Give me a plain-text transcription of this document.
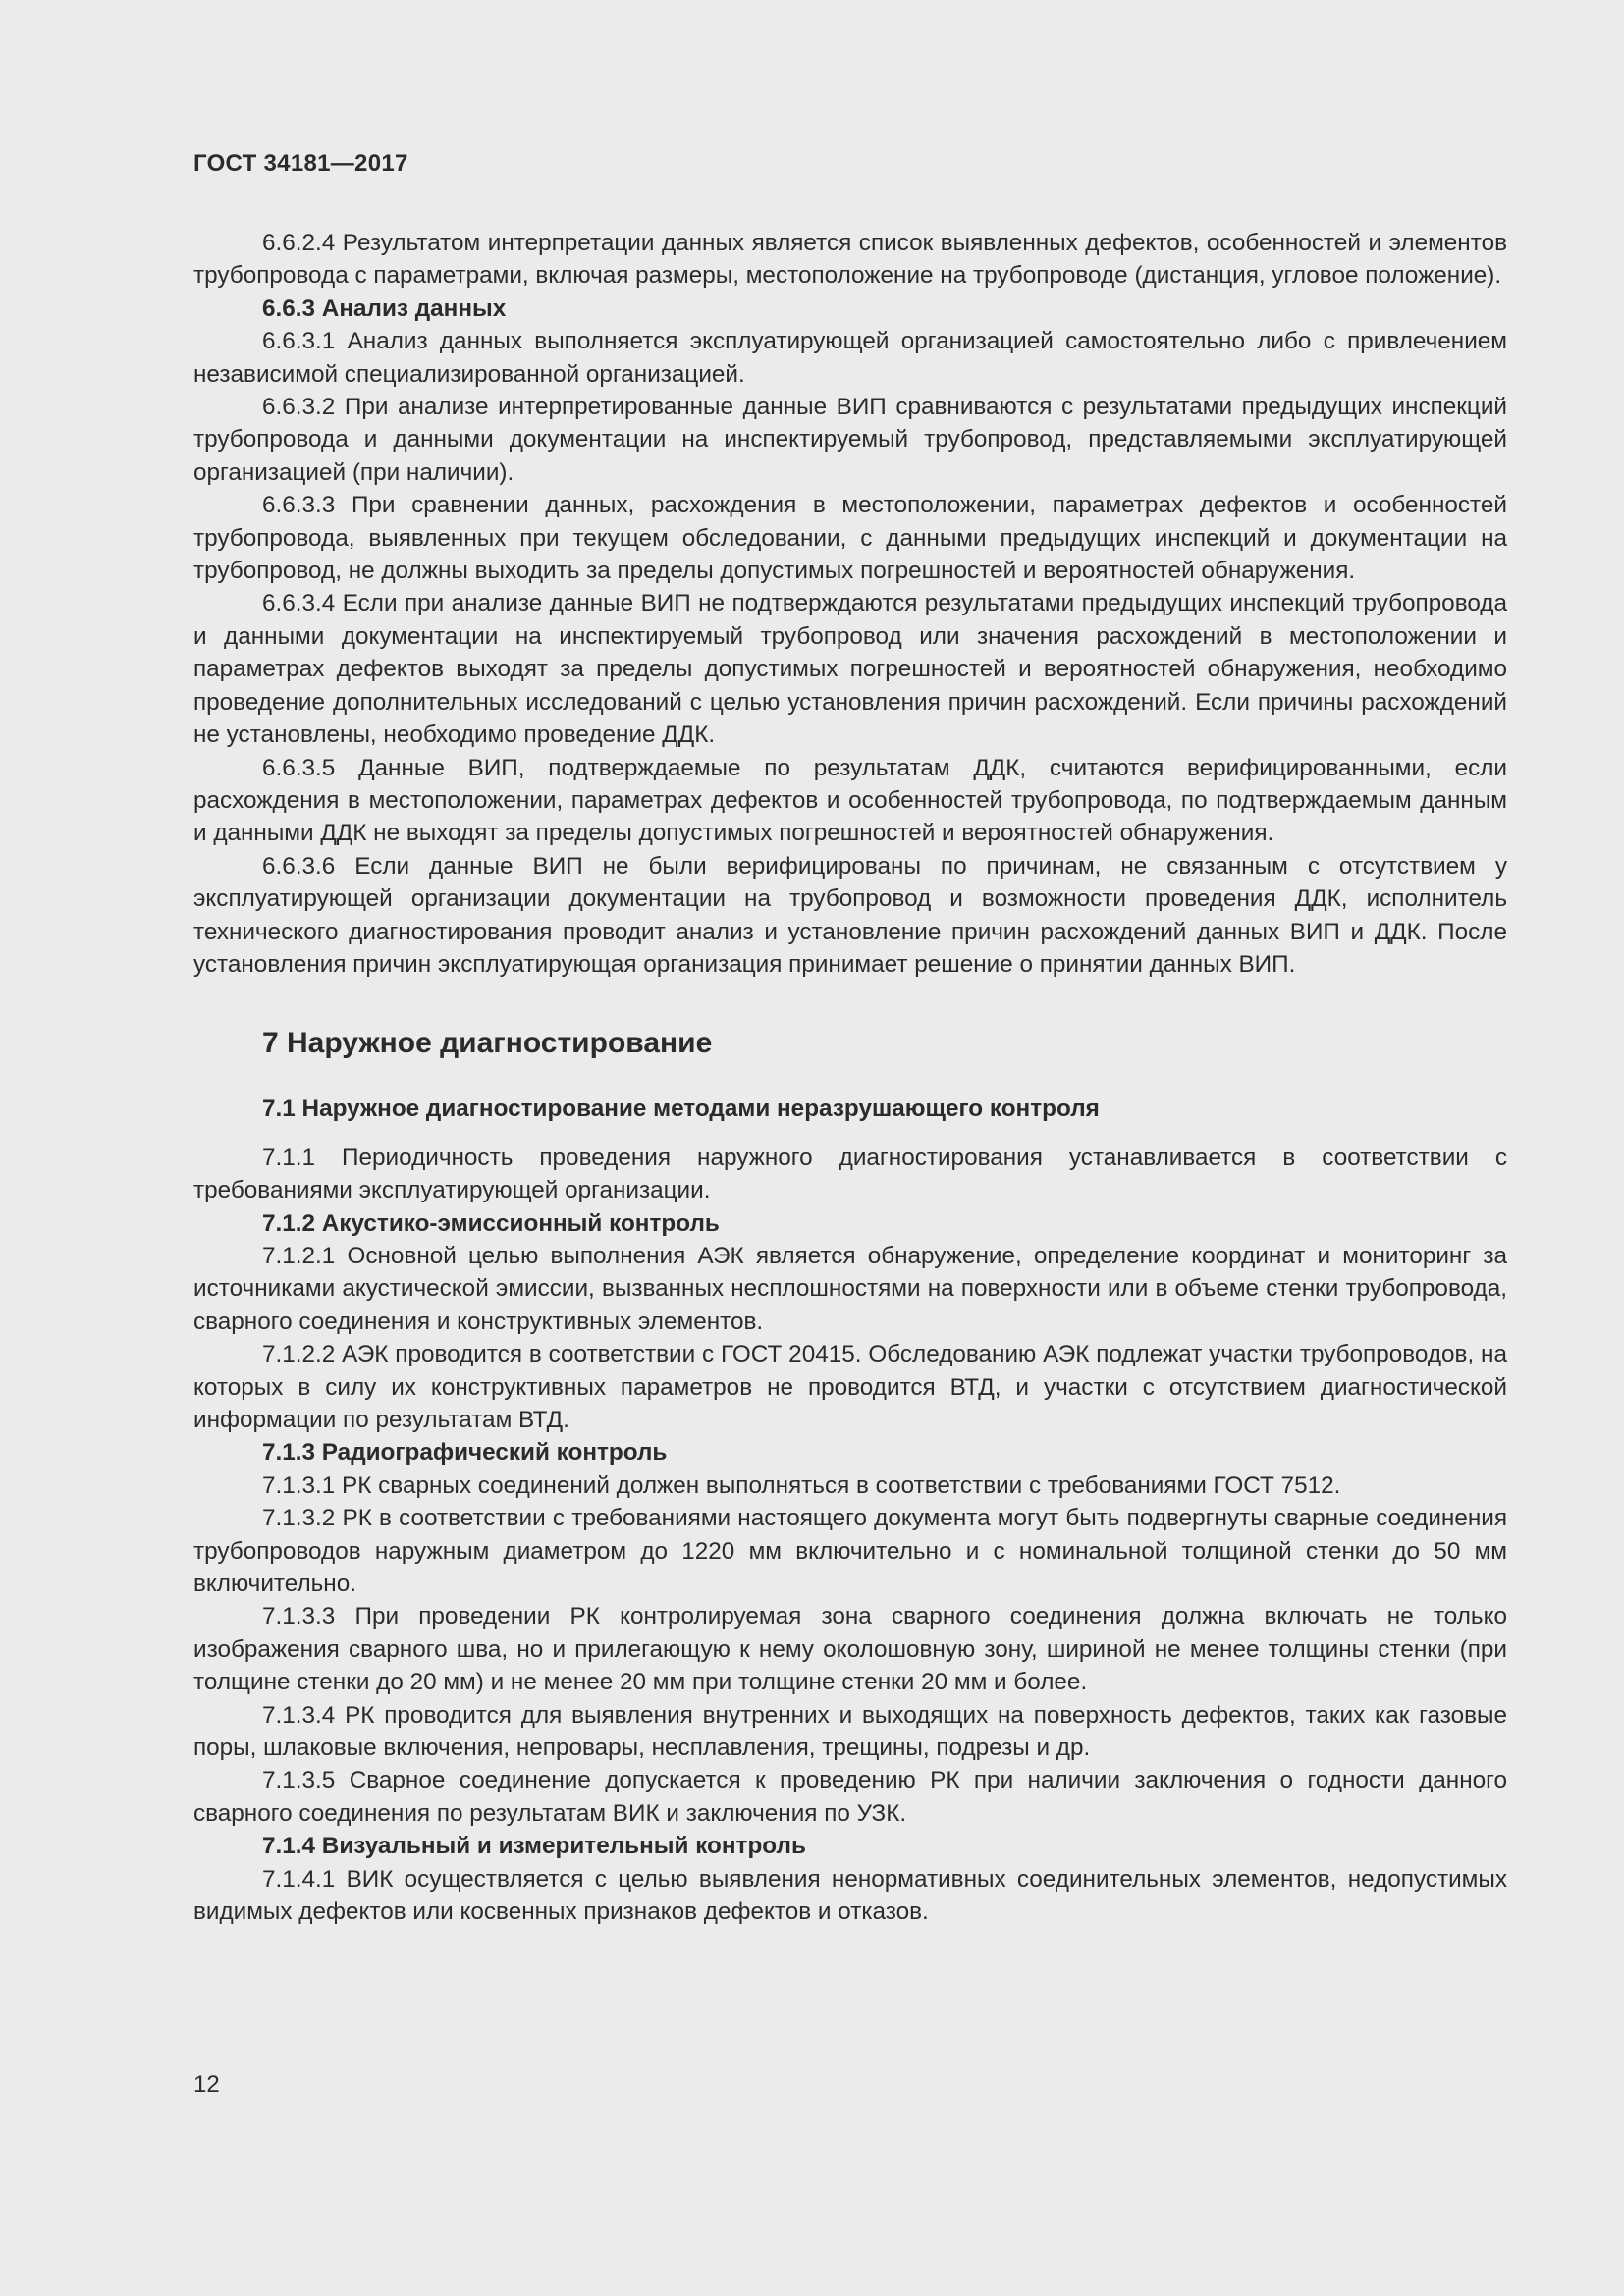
ГОСТ 34181—2017

6.6.2.4 Результатом интерпретации данных является список выявленных дефектов, особенностей и элементов трубопровода с параметрами, включая размеры, местоположение на трубопроводе (дистанция, угловое положение).

6.6.3 Анализ данных

6.6.3.1 Анализ данных выполняется эксплуатирующей организацией самостоятельно либо с привлечением независимой специализированной организацией.

6.6.3.2 При анализе интерпретированные данные ВИП сравниваются с результатами предыдущих инспекций трубопровода и данными документации на инспектируемый трубопровод, представляемыми эксплуатирующей организацией (при наличии).

6.6.3.3 При сравнении данных, расхождения в местоположении, параметрах дефектов и особенностей трубопровода, выявленных при текущем обследовании, с данными предыдущих инспекций и документации на трубопровод, не должны выходить за пределы допустимых погрешностей и вероятностей обнаружения.

6.6.3.4 Если при анализе данные ВИП не подтверждаются результатами предыдущих инспекций трубопровода и данными документации на инспектируемый трубопровод или значения расхождений в местоположении и параметрах дефектов выходят за пределы допустимых погрешностей и вероятностей обнаружения, необходимо проведение дополнительных исследований с целью установления причин расхождений. Если причины расхождений не установлены, необходимо проведение ДДК.

6.6.3.5 Данные ВИП, подтверждаемые по результатам ДДК, считаются верифицированными, если расхождения в местоположении, параметрах дефектов и особенностей трубопровода, по подтверждаемым данным и данными ДДК не выходят за пределы допустимых погрешностей и вероятностей обнаружения.

6.6.3.6 Если данные ВИП не были верифицированы по причинам, не связанным с отсутствием у эксплуатирующей организации документации на трубопровод и возможности проведения ДДК, исполнитель технического диагностирования проводит анализ и установление причин расхождений данных ВИП и ДДК. После установления причин эксплуатирующая организация принимает решение о принятии данных ВИП.

7 Наружное диагностирование
7.1 Наружное диагностирование методами неразрушающего контроля

7.1.1 Периодичность проведения наружного диагностирования устанавливается в соответствии с требованиями эксплуатирующей организации.

7.1.2 Акустико-эмиссионный контроль

7.1.2.1 Основной целью выполнения АЭК является обнаружение, определение координат и мониторинг за источниками акустической эмиссии, вызванных несплошностями на поверхности или в объеме стенки трубопровода, сварного соединения и конструктивных элементов.

7.1.2.2 АЭК проводится в соответствии с ГОСТ 20415. Обследованию АЭК подлежат участки трубопроводов, на которых в силу их конструктивных параметров не проводится ВТД, и участки с отсутствием диагностической информации по результатам ВТД.

7.1.3 Радиографический контроль

7.1.3.1 РК сварных соединений должен выполняться в соответствии с требованиями ГОСТ 7512.

7.1.3.2 РК в соответствии с требованиями настоящего документа могут быть подвергнуты сварные соединения трубопроводов наружным диаметром до 1220 мм включительно и с номинальной толщиной стенки до 50 мм включительно.

7.1.3.3 При проведении РК контролируемая зона сварного соединения должна включать не только изображения сварного шва, но и прилегающую к нему околошовную зону, шириной не менее толщины стенки (при толщине стенки до 20 мм) и не менее 20 мм при толщине стенки 20 мм и более.

7.1.3.4 РК проводится для выявления внутренних и выходящих на поверхность дефектов, таких как газовые поры, шлаковые включения, непровары, несплавления, трещины, подрезы и др.

7.1.3.5 Сварное соединение допускается к проведению РК при наличии заключения о годности данного сварного соединения по результатам ВИК и заключения по УЗК.

7.1.4 Визуальный и измерительный контроль

7.1.4.1 ВИК осуществляется с целью выявления ненормативных соединительных элементов, недопустимых видимых дефектов или косвенных признаков дефектов и отказов.

12
